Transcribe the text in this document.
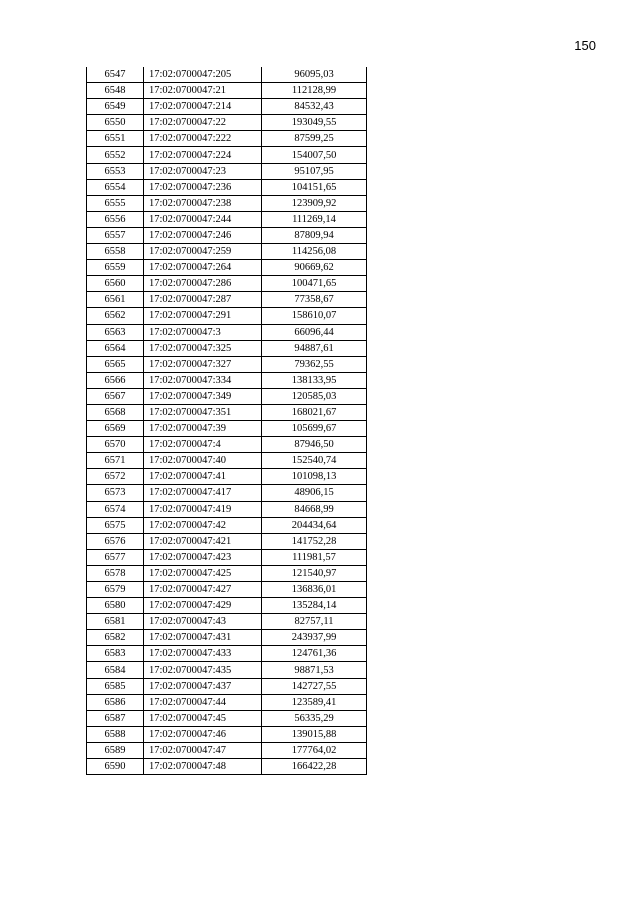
150
6547	17:02:0700047:205	96095,03
6548	17:02:0700047:21	112128,99
6549	17:02:0700047:214	84532,43
6550	17:02:0700047:22	193049,55
6551	17:02:0700047:222	87599,25
6552	17:02:0700047:224	154007,50
6553	17:02:0700047:23	95107,95
6554	17:02:0700047:236	104151,65
6555	17:02:0700047:238	123909,92
6556	17:02:0700047:244	111269,14
6557	17:02:0700047:246	87809,94
6558	17:02:0700047:259	114256,08
6559	17:02:0700047:264	90669,62
6560	17:02:0700047:286	100471,65
6561	17:02:0700047:287	77358,67
6562	17:02:0700047:291	158610,07
6563	17:02:0700047:3	66096,44
6564	17:02:0700047:325	94887,61
6565	17:02:0700047:327	79362,55
6566	17:02:0700047:334	138133,95
6567	17:02:0700047:349	120585,03
6568	17:02:0700047:351	168021,67
6569	17:02:0700047:39	105699,67
6570	17:02:0700047:4	87946,50
6571	17:02:0700047:40	152540,74
6572	17:02:0700047:41	101098,13
6573	17:02:0700047:417	48906,15
6574	17:02:0700047:419	84668,99
6575	17:02:0700047:42	204434,64
6576	17:02:0700047:421	141752,28
6577	17:02:0700047:423	111981,57
6578	17:02:0700047:425	121540,97
6579	17:02:0700047:427	136836,01
6580	17:02:0700047:429	135284,14
6581	17:02:0700047:43	82757,11
6582	17:02:0700047:431	243937,99
6583	17:02:0700047:433	124761,36
6584	17:02:0700047:435	98871,53
6585	17:02:0700047:437	142727,55
6586	17:02:0700047:44	123589,41
6587	17:02:0700047:45	56335,29
6588	17:02:0700047:46	139015,88
6589	17:02:0700047:47	177764,02
6590	17:02:0700047:48	166422,28
